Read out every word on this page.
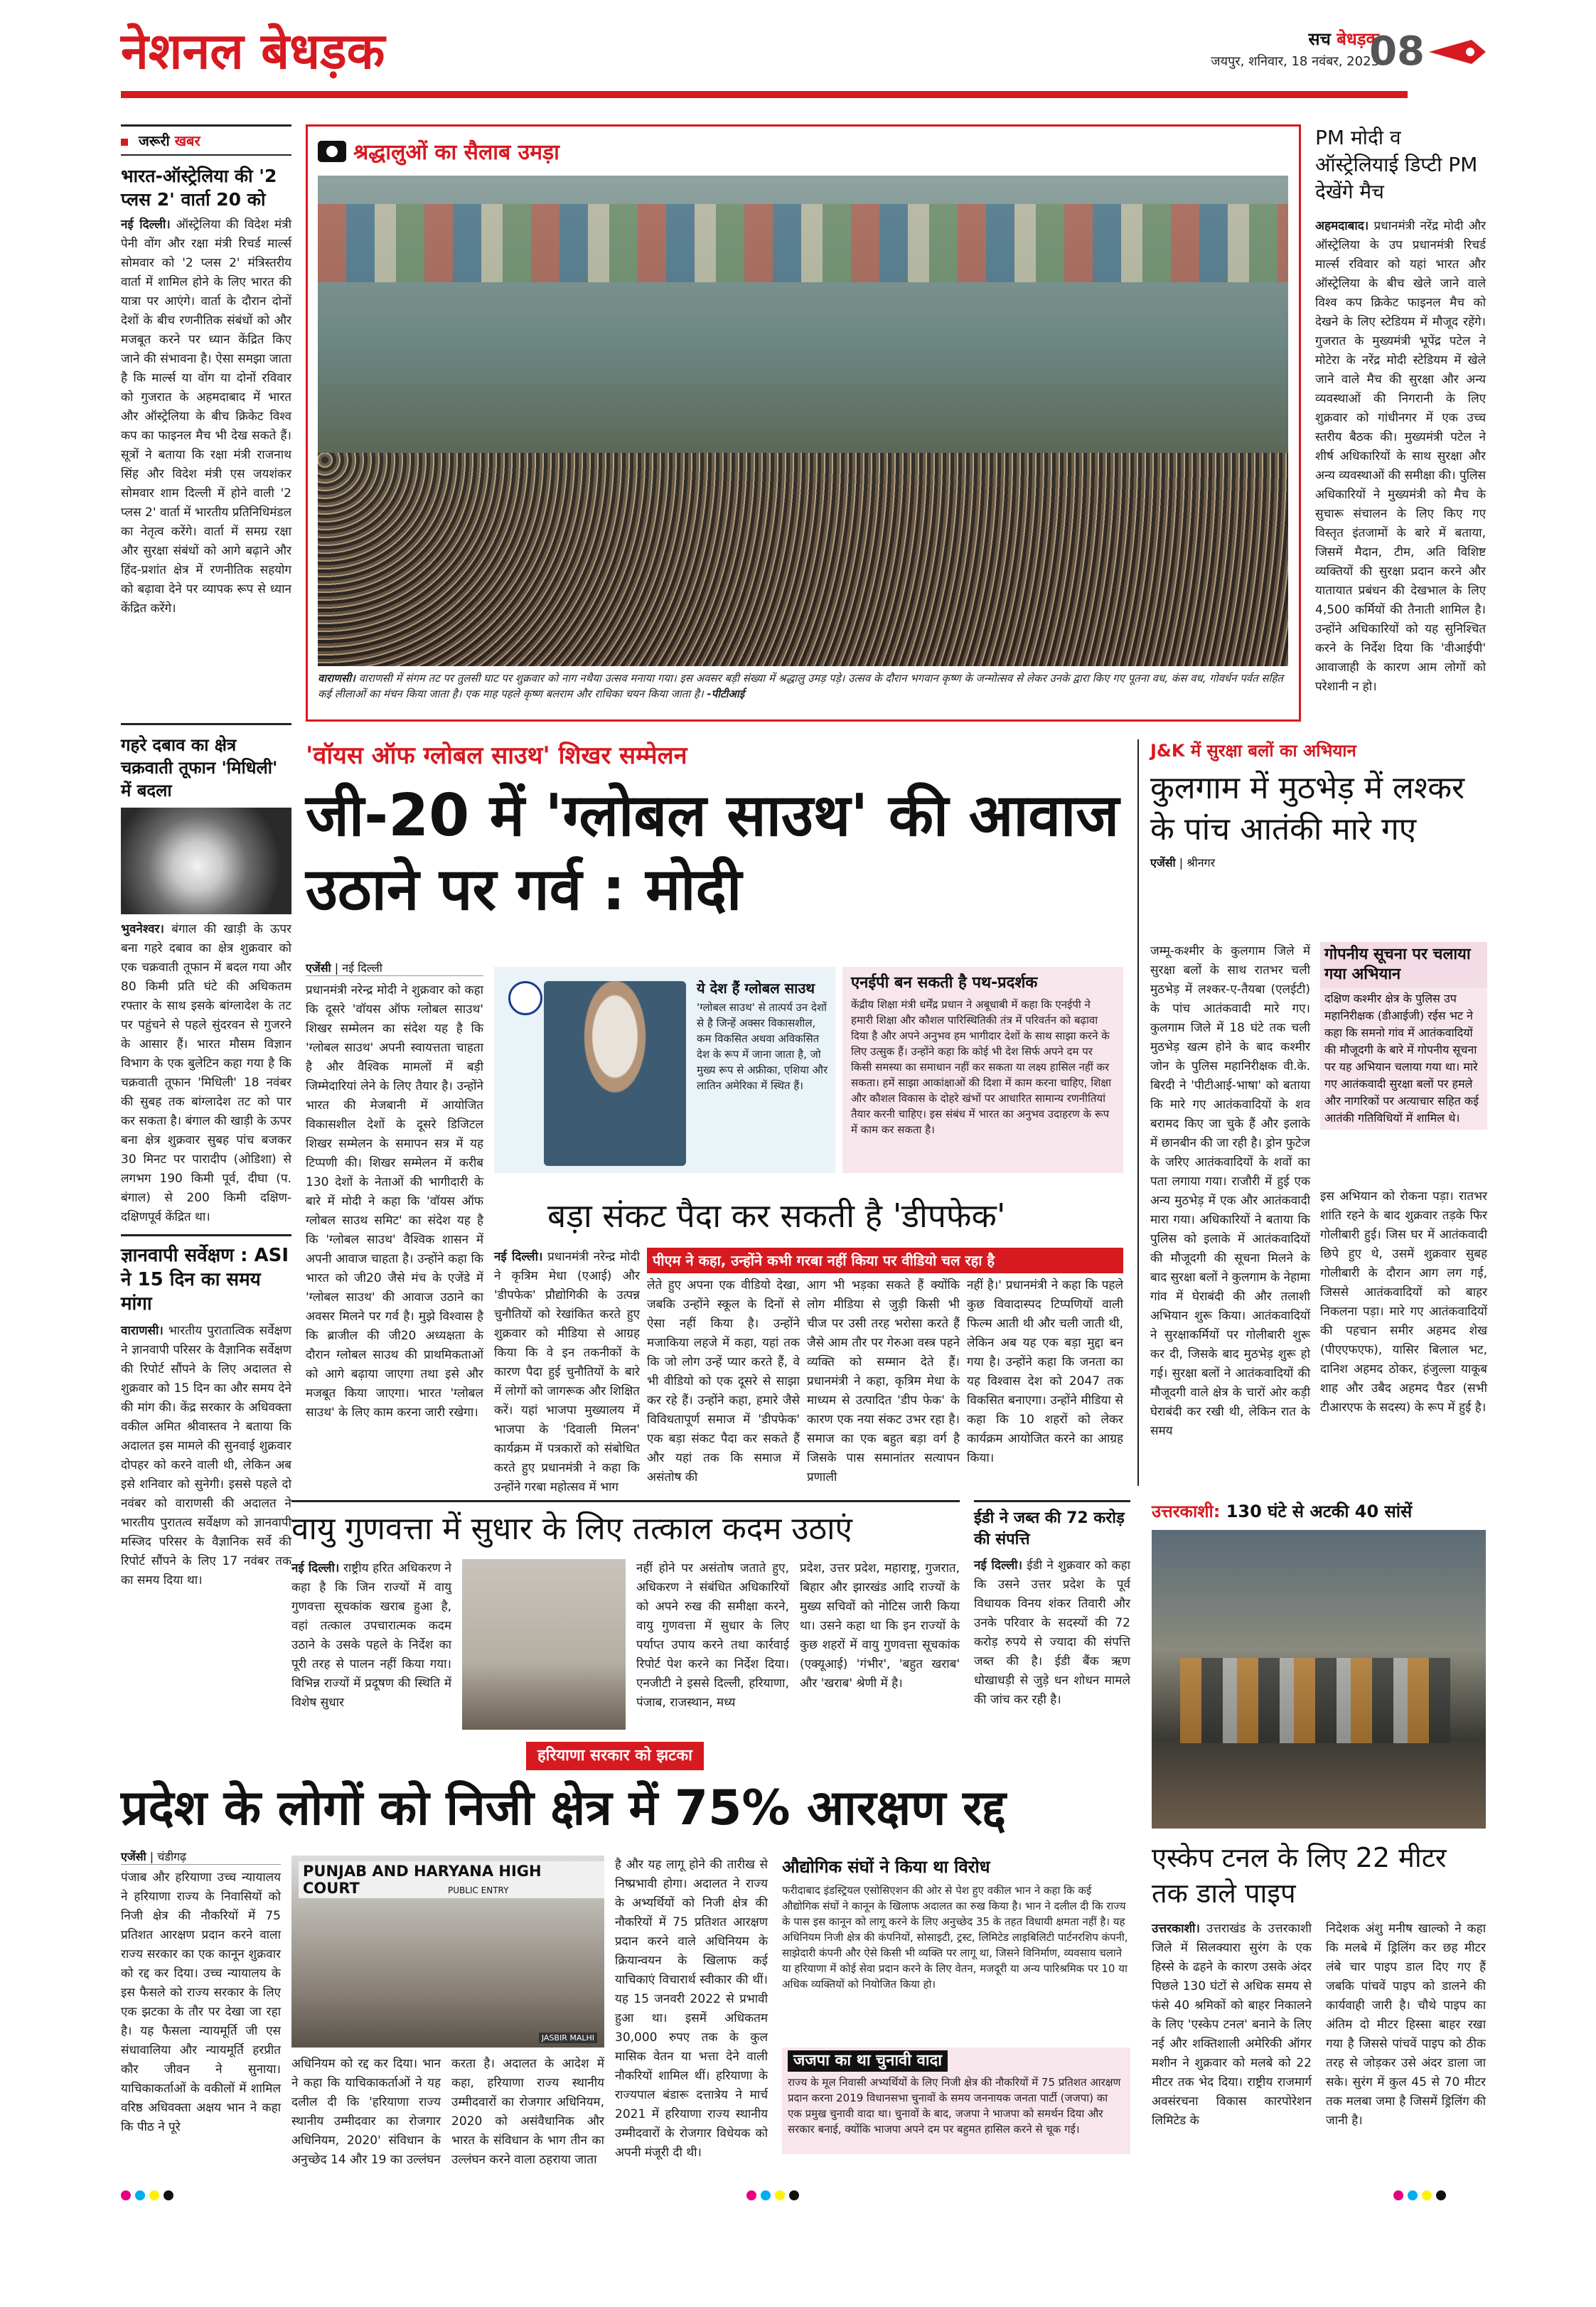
नेशनल बेधड़क	सच बेधड़क
जयपुर, शनिवार, 18 नवंबर, 2023
08
जरूरी खबर
भारत-ऑस्ट्रेलिया की '2 प्लस 2' वार्ता 20 को
नई दिल्ली। ऑस्ट्रेलिया की विदेश मंत्री पेनी वोंग और रक्षा मंत्री रिचर्ड मार्ल्स सोमवार को '2 प्लस 2' मंत्रिस्तरीय वार्ता में शामिल होने के लिए भारत की यात्रा पर आएंगे। वार्ता के दौरान दोनों देशों के बीच रणनीतिक संबंधों को और मजबूत करने पर ध्यान केंद्रित किए जाने की संभावना है। ऐसा समझा जाता है कि मार्ल्स या वोंग या दोनों रविवार को गुजरात के अहमदाबाद में भारत और ऑस्ट्रेलिया के बीच क्रिकेट विश्व कप का फाइनल मैच भी देख सकते हैं। सूत्रों ने बताया कि रक्षा मंत्री राजनाथ सिंह और विदेश मंत्री एस जयशंकर सोमवार शाम दिल्ली में होने वाली '2 प्लस 2' वार्ता में भारतीय प्रतिनिधिमंडल का नेतृत्व करेंगे। वार्ता में समग्र रक्षा और सुरक्षा संबंधों को आगे बढ़ाने और हिंद-प्रशांत क्षेत्र में रणनीतिक सहयोग को बढ़ावा देने पर व्यापक रूप से ध्यान केंद्रित करेंगे।
गहरे दबाव का क्षेत्र चक्रवाती तूफान 'मिधिली' में बदला
भुवनेश्वर। बंगाल की खाड़ी के ऊपर बना गहरे दबाव का क्षेत्र शुक्रवार को एक चक्रवाती तूफान में बदल गया और 80 किमी प्रति घंटे की अधिकतम रफ्तार के साथ इसके बांग्लादेश के तट पर पहुंचने से पहले सुंदरवन से गुजरने के आसार हैं। भारत मौसम विज्ञान विभाग के एक बुलेटिन कहा गया है कि चक्रवाती तूफान 'मिधिली' 18 नवंबर की सुबह तक बांग्लादेश तट को पार कर सकता है। बंगाल की खाड़ी के ऊपर बना क्षेत्र शुक्रवार सुबह पांच बजकर 30 मिनट पर पारादीप (ओडिशा) से लगभग 190 किमी पूर्व, दीघा (प. बंगाल) से 200 किमी दक्षिण-दक्षिणपूर्व केंद्रित था।
ज्ञानवापी सर्वेक्षण : ASI ने 15 दिन का समय मांगा
वाराणसी। भारतीय पुरातात्विक सर्वेक्षण ने ज्ञानवापी परिसर के वैज्ञानिक सर्वेक्षण की रिपोर्ट सौंपने के लिए अदालत से शुक्रवार को 15 दिन का और समय देने की मांग की। केंद्र सरकार के अधिवक्ता वकील अमित श्रीवास्तव ने बताया कि अदालत इस मामले की सुनवाई शुक्रवार दोपहर को करने वाली थी, लेकिन अब इसे शनिवार को सुनेगी। इससे पहले दो नवंबर को वाराणसी की अदालत ने भारतीय पुरातत्व सर्वेक्षण को ज्ञानवापी मस्जिद परिसर के वैज्ञानिक सर्वे की रिपोर्ट सौंपने के लिए 17 नवंबर तक का समय दिया था।
श्रद्धालुओं का सैलाब उमड़ा
वाराणसी। वाराणसी में संगम तट पर तुलसी घाट पर शुक्रवार को नाग नथैया उत्सव मनाया गया। इस अवसर बड़ी संख्या में श्रद्धालु उमड़ पड़े। उत्सव के दौरान भगवान कृष्ण के जन्मोत्सव से लेकर उनके द्वारा किए गए पूतना वध, कंस वध, गोवर्धन पर्वत सहित कई लीलाओं का मंचन किया जाता है। एक माह पहले कृष्ण बलराम और राधिका चयन किया जाता है। -पीटीआई
PM मोदी व ऑस्ट्रेलियाई डिप्टी PM देखेंगे मैच
अहमदाबाद। प्रधानमंत्री नरेंद्र मोदी और ऑस्ट्रेलिया के उप प्रधानमंत्री रिचर्ड मार्ल्स रविवार को यहां भारत और ऑस्ट्रेलिया के बीच खेले जाने वाले विश्व कप क्रिकेट फाइनल मैच को देखने के लिए स्टेडियम में मौजूद रहेंगे। गुजरात के मुख्यमंत्री भूपेंद्र पटेल ने मोटेरा के नरेंद्र मोदी स्टेडियम में खेले जाने वाले मैच की सुरक्षा और अन्य व्यवस्थाओं की निगरानी के लिए शुक्रवार को गांधीनगर में एक उच्च स्तरीय बैठक की। मुख्यमंत्री पटेल ने शीर्ष अधिकारियों के साथ सुरक्षा और अन्य व्यवस्थाओं की समीक्षा की। पुलिस अधिकारियों ने मुख्यमंत्री को मैच के सुचारू संचालन के लिए किए गए विस्तृत इंतजामों के बारे में बताया, जिसमें मैदान, टीम, अति विशिष्ट व्यक्तियों की सुरक्षा प्रदान करने और यातायात प्रबंधन की देखभाल के लिए 4,500 कर्मियों की तैनाती शामिल है। उन्होंने अधिकारियों को यह सुनिश्चित करने के निर्देश दिया कि 'वीआईपी' आवाजाही के कारण आम लोगों को परेशानी न हो।
'वॉयस ऑफ ग्लोबल साउथ' शिखर सम्मेलन
जी-20 में 'ग्लोबल साउथ' की आवाज उठाने पर गर्व : मोदी
एजेंसी | नई दिल्ली
प्रधानमंत्री नरेन्द्र मोदी ने शुक्रवार को कहा कि दूसरे 'वॉयस ऑफ ग्लोबल साउथ' शिखर सम्मेलन का संदेश यह है कि 'ग्लोबल साउथ' अपनी स्वायत्तता चाहता है और वैश्विक मामलों में बड़ी जिम्मेदारियां लेने के लिए तैयार है। उन्होंने भारत की मेजबानी में आयोजित विकासशील देशों के दूसरे डिजिटल शिखर सम्मेलन के समापन सत्र में यह टिप्पणी की। शिखर सम्मेलन में करीब 130 देशों के नेताओं की भागीदारी के बारे में मोदी ने कहा कि 'वॉयस ऑफ ग्लोबल साउथ समिट' का संदेश यह है कि 'ग्लोबल साउथ' वैश्विक शासन में अपनी आवाज चाहता है। उन्होंने कहा कि भारत को जी20 जैसे मंच के एजेंडे में 'ग्लोबल साउथ' की आवाज उठाने का अवसर मिलने पर गर्व है। मुझे विश्वास है कि ब्राजील की जी20 अध्यक्षता के दौरान ग्लोबल साउथ की प्राथमिकताओं को आगे बढ़ाया जाएगा तथा इसे और मजबूत किया जाएगा। भारत 'ग्लोबल साउथ' के लिए काम करना जारी रखेगा।
ये देश हैं ग्लोबल साउथ
'ग्लोबल साउथ' से तात्पर्य उन देशों से है जिन्हें अक्सर विकासशील, कम विकसित अथवा अविकसित देश के रूप में जाना जाता है, जो मुख्य रूप से अफ्रीका, एशिया और लातिन अमेरिका में स्थित हैं।
एनईपी बन सकती है पथ-प्रदर्शक
केंद्रीय शिक्षा मंत्री धर्मेंद्र प्रधान ने अबूधाबी में कहा कि एनईपी ने हमारी शिक्षा और कौशल पारिस्थितिकी तंत्र में परिवर्तन को बढ़ावा दिया है और अपने अनुभव हम भागीदार देशों के साथ साझा करने के लिए उत्सुक हैं। उन्होंने कहा कि कोई भी देश सिर्फ अपने दम पर किसी समस्या का समाधान नहीं कर सकता या लक्ष्य हासिल नहीं कर सकता। हमें साझा आकांक्षाओं की दिशा में काम करना चाहिए, शिक्षा और कौशल विकास के दोहरे खंभों पर आधारित सामान्य रणनीतियां तैयार करनी चाहिए। इस संबंध में भारत का अनुभव उदाहरण के रूप में काम कर सकता है।
बड़ा संकट पैदा कर सकती है 'डीपफेक'
पीएम ने कहा, उन्होंने कभी गरबा नहीं किया पर वीडियो चल रहा है
नई दिल्ली। प्रधानमंत्री नरेन्द्र मोदी ने कृत्रिम मेधा (एआई) और 'डीपफेक' प्रौद्योगिकी के उत्पन्न चुनौतियों को रेखांकित करते हुए शुक्रवार को मीडिया से आग्रह किया कि वे इन तकनीकों के कारण पैदा हुई चुनौतियों के बारे में लोगों को जागरूक और शिक्षित करें। यहां भाजपा मुख्यालय में भाजपा के 'दिवाली मिलन' कार्यक्रम में पत्रकारों को संबोधित करते हुए प्रधानमंत्री ने कहा कि उन्होंने गरबा महोत्सव में भाग
लेते हुए अपना एक वीडियो देखा, जबकि उन्होंने स्कूल के दिनों से ऐसा नहीं किया है। उन्होंने मजाकिया लहजे में कहा, यहां तक कि जो लोग उन्हें प्यार करते हैं, वे भी वीडियो को एक दूसरे से साझा कर रहे हैं। उन्होंने कहा, हमारे जैसे विविधतापूर्ण समाज में 'डीपफेक' एक बड़ा संकट पैदा कर सकते हैं और यहां तक कि समाज में असंतोष की
आग भी भड़का सकते हैं क्योंकि लोग मीडिया से जुड़ी किसी भी चीज पर उसी तरह भरोसा करते हैं जैसे आम तौर पर गेरुआ वस्त्र पहने व्यक्ति को सम्मान देते हैं। प्रधानमंत्री ने कहा, कृत्रिम मेधा के माध्यम से उत्पादित 'डीप फेक' के कारण एक नया संकट उभर रहा है। समाज का एक बहुत बड़ा वर्ग है जिसके पास समानांतर सत्यापन प्रणाली
नहीं है।' प्रधानमंत्री ने कहा कि पहले कुछ विवादास्पद टिप्पणियों वाली फिल्म आती थी और चली जाती थी, लेकिन अब यह एक बड़ा मुद्दा बन गया है। उन्होंने कहा कि जनता का यह विश्वास देश को 2047 तक विकसित बनाएगा। उन्होंने मीडिया से कहा कि 10 शहरों को लेकर कार्यक्रम आयोजित करने का आग्रह किया।
J&K में सुरक्षा बलों का अभियान
कुलगाम में मुठभेड़ में लश्कर के पांच आतंकी मारे गए
एजेंसी | श्रीनगर
जम्मू-कश्मीर के कुलगाम जिले में सुरक्षा बलों के साथ रातभर चली मुठभेड़ में लश्कर-ए-तैयबा (एलईटी) के पांच आतंकवादी मारे गए। कुलगाम जिले में 18 घंटे तक चली मुठभेड़ खत्म होने के बाद कश्मीर जोन के पुलिस महानिरीक्षक वी.के. बिरदी ने 'पीटीआई-भाषा' को बताया कि मारे गए आतंकवादियों के शव बरामद किए जा चुके हैं और इलाके में छानबीन की जा रही है। ड्रोन फुटेज के जरिए आतंकवादियों के शवों का पता लगाया गया। राजौरी में हुई एक अन्य मुठभेड़ में एक और आतंकवादी मारा गया। अधिकारियों ने बताया कि पुलिस को इलाके में आतंकवादियों की मौजूदगी की सूचना मिलने के बाद सुरक्षा बलों ने कुलगाम के नेहामा गांव में घेराबंदी की और तलाशी अभियान शुरू किया। आतंकवादियों ने सुरक्षाकर्मियों पर गोलीबारी शुरू कर दी, जिसके बाद मुठभेड़ शुरू हो गई। सुरक्षा बलों ने आतंकवादियों की मौजूदगी वाले क्षेत्र के चारों ओर कड़ी घेराबंदी कर रखी थी, लेकिन रात के समय
गोपनीय सूचना पर चलाया गया अभियान
दक्षिण कश्मीर क्षेत्र के पुलिस उप महानिरीक्षक (डीआईजी) रईस भट ने कहा कि समनो गांव में आतंकवादियों की मौजूदगी के बारे में गोपनीय सूचना पर यह अभियान चलाया गया था। मारे गए आतंकवादी सुरक्षा बलों पर हमले और नागरिकों पर अत्याचार सहित कई आतंकी गतिविधियों में शामिल थे।
इस अभियान को रोकना पड़ा। रातभर शांति रहने के बाद शुक्रवार तड़के फिर गोलीबारी हुई। जिस घर में आतंकवादी छिपे हुए थे, उसमें शुक्रवार सुबह गोलीबारी के दौरान आग लग गई, जिससे आतंकवादियों को बाहर निकलना पड़ा। मारे गए आतंकवादियों की पहचान समीर अहमद शेख (पीएएफएफ), यासिर बिलाल भट, दानिश अहमद ठोकर, हंजुल्ला याकूब शाह और उबैद अहमद पैडर (सभी टीआरएफ के सदस्य) के रूप में हुई है।
वायु गुणवत्ता में सुधार के लिए तत्काल कदम उठाएं
नई दिल्ली। राष्ट्रीय हरित अधिकरण ने कहा है कि जिन राज्यों में वायु गुणवत्ता सूचकांक खराब हुआ है, वहां तत्काल उपचारात्मक कदम उठाने के उसके पहले के निर्देश का पूरी तरह से पालन नहीं किया गया। विभिन्न राज्यों में प्रदूषण की स्थिति में विशेष सुधार
नहीं होने पर असंतोष जताते हुए, अधिकरण ने संबंधित अधिकारियों को अपने रुख की समीक्षा करने, वायु गुणवत्ता में सुधार के लिए पर्याप्त उपाय करने तथा कार्रवाई रिपोर्ट पेश करने का निर्देश दिया। एनजीटी ने इससे दिल्ली, हरियाणा, पंजाब, राजस्थान, मध्य
प्रदेश, उत्तर प्रदेश, महाराष्ट्र, गुजरात, बिहार और झारखंड आदि राज्यों के मुख्य सचिवों को नोटिस जारी किया था। उसने कहा था कि इन राज्यों के कुछ शहरों में वायु गुणवत्ता सूचकांक (एक्यूआई) 'गंभीर', 'बहुत खराब' और 'खराब' श्रेणी में है।
ईडी ने जब्त की 72 करोड़ की संपत्ति
नई दिल्ली। ईडी ने शुक्रवार को कहा कि उसने उत्तर प्रदेश के पूर्व विधायक विनय शंकर तिवारी और उनके परिवार के सदस्यों की 72 करोड़ रुपये से ज्यादा की संपत्ति जब्त की है। ईडी बैंक ऋण धोखाधड़ी से जुड़े धन शोधन मामले की जांच कर रही है।
उत्तरकाशी: 130 घंटे से अटकी 40 सांसें
एस्केप टनल के लिए 22 मीटर तक डाले पाइप
उत्तरकाशी। उत्तराखंड के उत्तरकाशी जिले में सिलक्यारा सुरंग के एक हिस्से के ढहने के कारण उसके अंदर पिछले 130 घंटों से अधिक समय से फंसे 40 श्रमिकों को बाहर निकालने के लिए 'एस्केप टनल' बनाने के लिए नई और शक्तिशाली अमेरिकी ऑगर मशीन ने शुक्रवार को मलबे को 22 मीटर तक भेद दिया। राष्ट्रीय राजमार्ग अवसंरचना विकास कारपोरेशन लिमिटेड के
निदेशक अंशु मनीष खाल्को ने कहा कि मलबे में ड्रिलिंग कर छह मीटर लंबे चार पाइप डाल दिए गए हैं जबकि पांचवें पाइप को डालने की कार्यवाही जारी है। चौथे पाइप का अंतिम दो मीटर हिस्सा बाहर रखा गया है जिससे पांचवें पाइप को ठीक तरह से जोड़कर उसे अंदर डाला जा सके। सुरंग में कुल 45 से 70 मीटर तक मलबा जमा है जिसमें ड्रिलिंग की जानी है।
हरियाणा सरकार को झटका
प्रदेश के लोगों को निजी क्षेत्र में 75% आरक्षण रद्द
एजेंसी | चंडीगढ़
पंजाब और हरियाणा उच्च न्यायालय ने हरियाणा राज्य के निवासियों को निजी क्षेत्र की नौकरियों में 75 प्रतिशत आरक्षण प्रदान करने वाला राज्य सरकार का एक कानून शुक्रवार को रद्द कर दिया। उच्च न्यायालय के इस फैसले को राज्य सरकार के लिए एक झटका के तौर पर देखा जा रहा है। यह फैसला न्यायमूर्ति जी एस संधावालिया और न्यायमूर्ति हरप्रीत कौर जीवन ने सुनाया। याचिकाकर्ताओं के वकीलों में शामिल वरिष्ठ अधिवक्ता अक्षय भान ने कहा कि पीठ ने पूरे
PUNJAB AND HARYANA HIGH COURT	PUBLIC ENTRY
JASBIR MALHI
अधिनियम को रद्द कर दिया। भान ने कहा कि याचिकाकर्ताओं ने यह दलील दी कि 'हरियाणा राज्य स्थानीय उम्मीदवार का रोजगार अधिनियम, 2020' संविधान के अनुच्छेद 14 और 19 का उल्लंघन
करता है। अदालत के आदेश में कहा, हरियाणा राज्य स्थानीय उम्मीदवारों का रोजगार अधिनियम, 2020 को असंवैधानिक और भारत के संविधान के भाग तीन का उल्लंघन करने वाला ठहराया जाता
है और यह लागू होने की तारीख से निष्प्रभावी होगा। अदालत ने राज्य के अभ्यर्थियों को निजी क्षेत्र की नौकरियों में 75 प्रतिशत आरक्षण प्रदान करने वाले अधिनियम के क्रियान्वयन के खिलाफ कई याचिकाएं विचारार्थ स्वीकार की थीं। यह 15 जनवरी 2022 से प्रभावी हुआ था। इसमें अधिकतम 30,000 रुपए तक के कुल मासिक वेतन या भत्ता देने वाली नौकरियों शामिल थीं। हरियाणा के राज्यपाल बंडारू दत्तात्रेय ने मार्च 2021 में हरियाणा राज्य स्थानीय उम्मीदवारों के रोजगार विधेयक को अपनी मंजूरी दी थी।
औद्योगिक संघों ने किया था विरोध
फरीदाबाद इंडस्ट्रियल एसोसिएशन की ओर से पेश हुए वकील भान ने कहा कि कई औद्योगिक संघों ने कानून के खिलाफ अदालत का रुख किया है। भान ने दलील दी कि राज्य के पास इस कानून को लागू करने के लिए अनुच्छेद 35 के तहत विधायी क्षमता नहीं है। यह अधिनियम निजी क्षेत्र की कंपनियों, सोसाइटी, ट्रस्ट, लिमिटेड लाइबिलिटी पार्टनरशिप कंपनी, साझेदारी कंपनी और ऐसे किसी भी व्यक्ति पर लागू था, जिसने विनिर्माण, व्यवसाय चलाने या हरियाणा में कोई सेवा प्रदान करने के लिए वेतन, मजदूरी या अन्य पारिश्रमिक पर 10 या अधिक व्यक्तियों को नियोजित किया हो।
जजपा का था चुनावी वादा
राज्य के मूल निवासी अभ्यर्थियों के लिए निजी क्षेत्र की नौकरियों में 75 प्रतिशत आरक्षण प्रदान करना 2019 विधानसभा चुनावों के समय जननायक जनता पार्टी (जजपा) का एक प्रमुख चुनावी वादा था। चुनावों के बाद, जजपा ने भाजपा को समर्थन दिया और सरकार बनाई, क्योंकि भाजपा अपने दम पर बहुमत हासिल करने से चूक गई।
